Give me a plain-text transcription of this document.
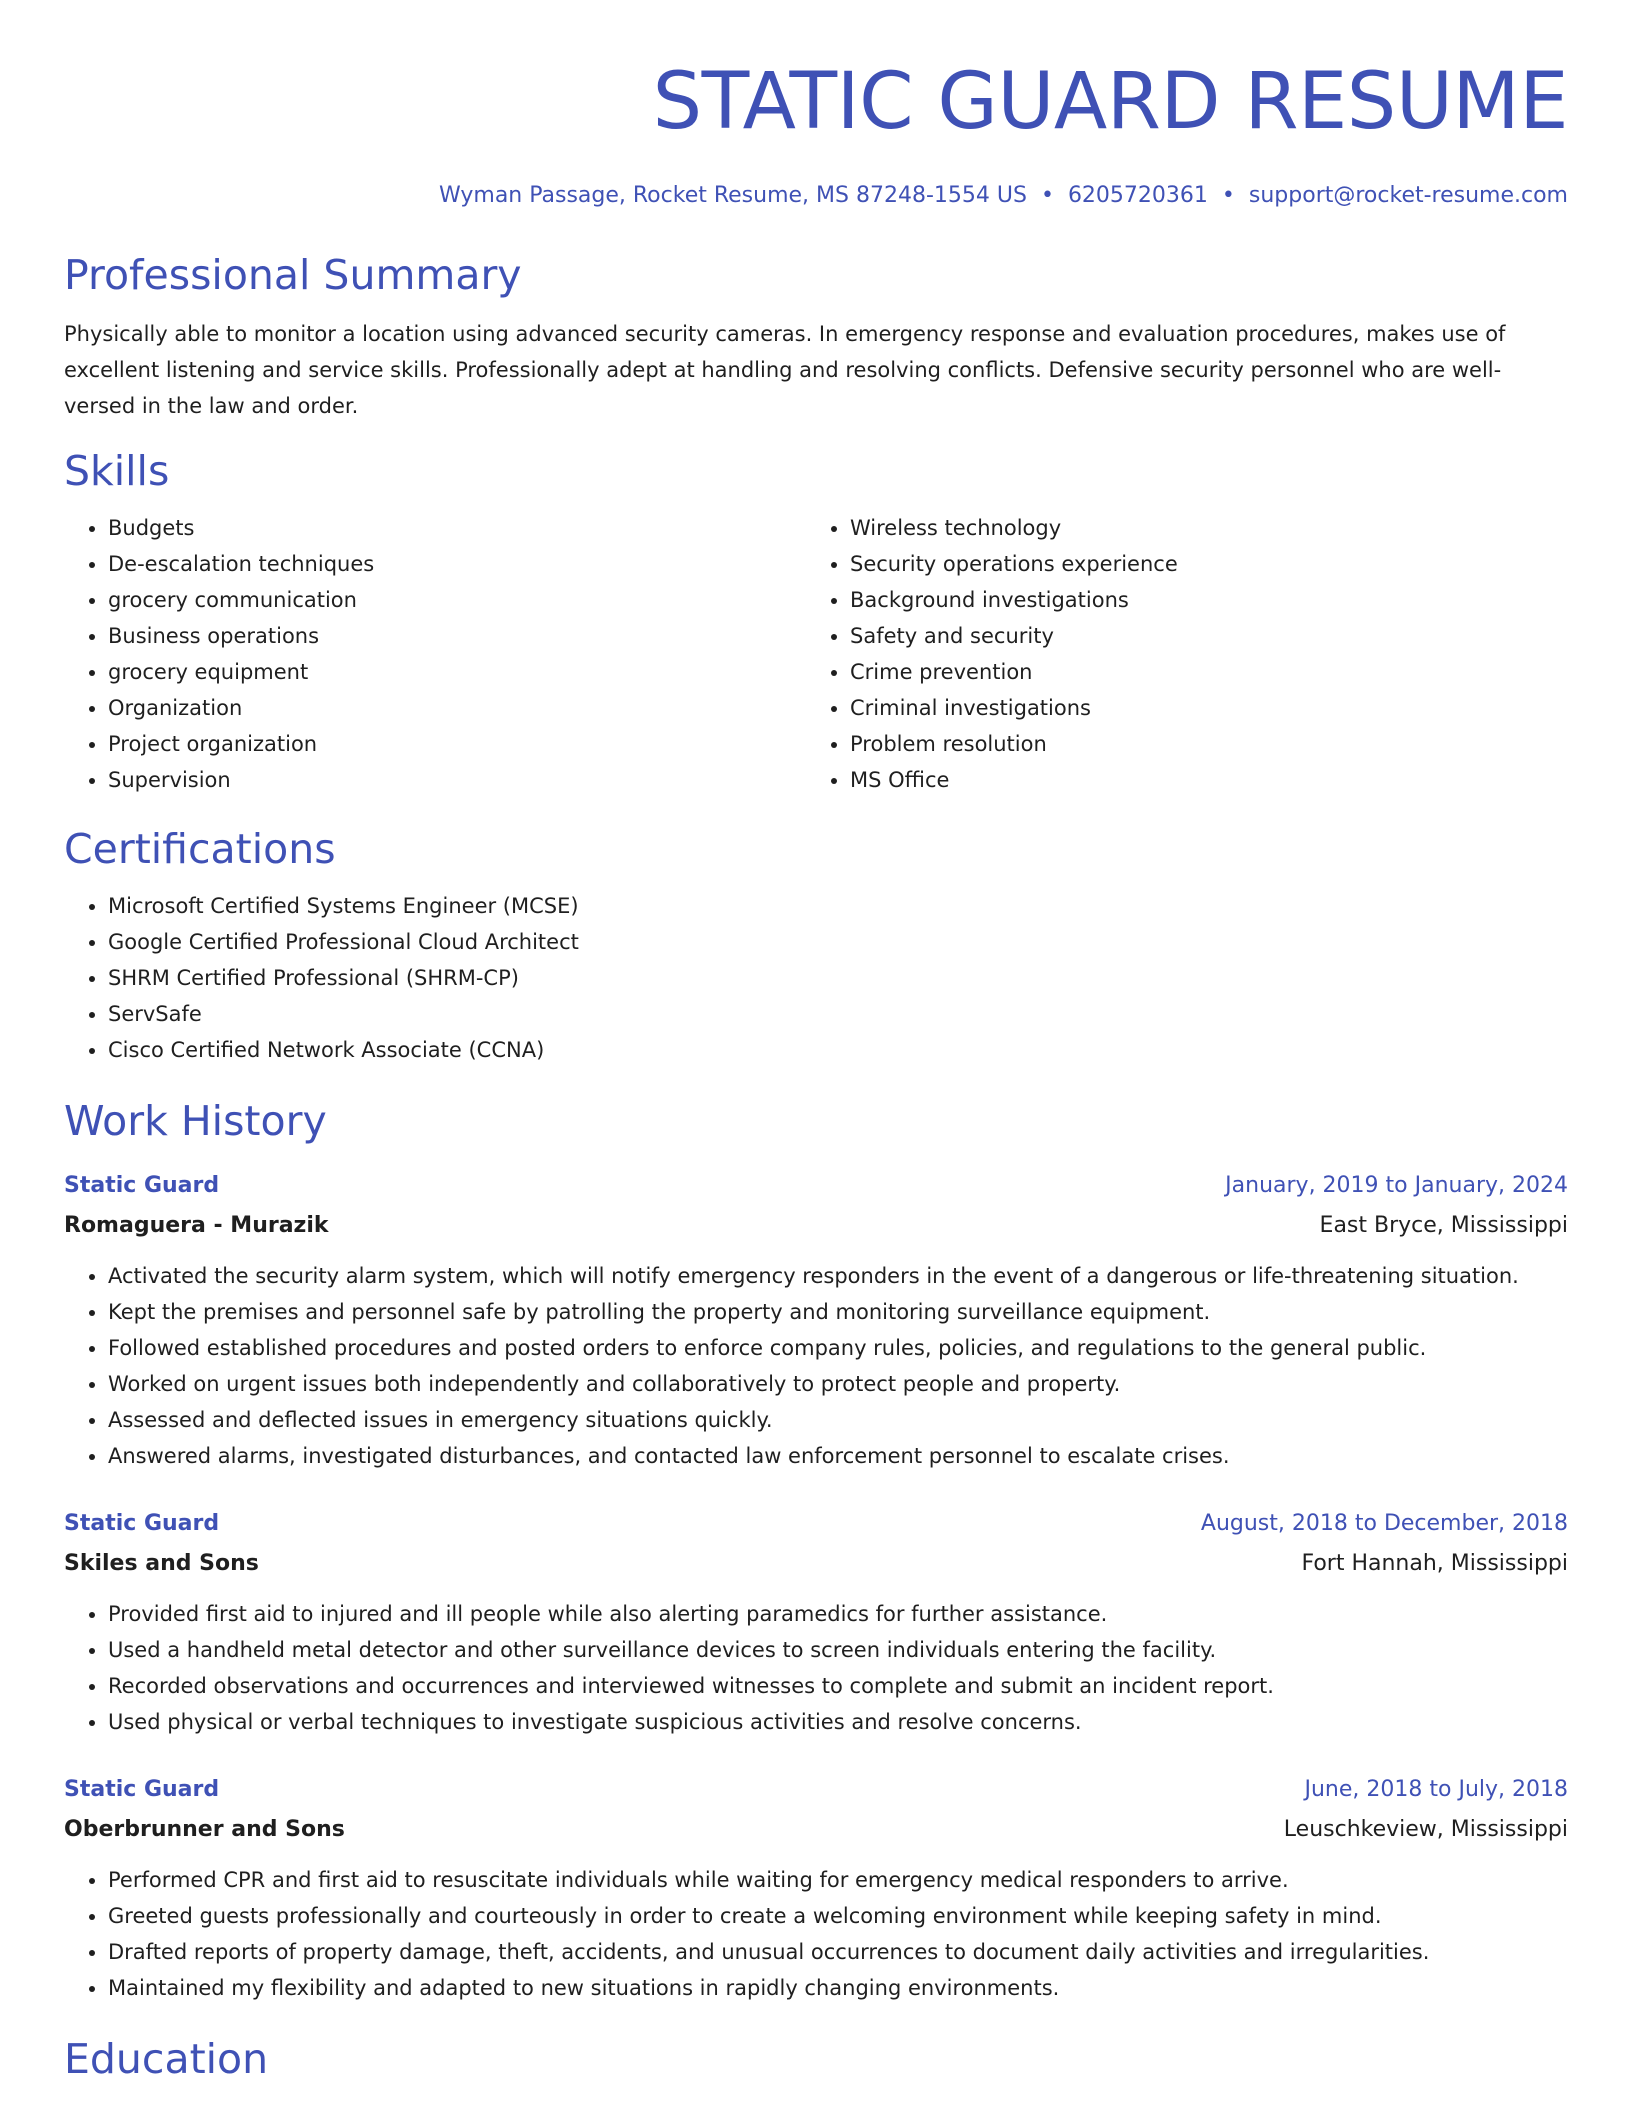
STATIC GUARD RESUME
Wyman Passage, Rocket Resume, MS 87248-1554 US • 6205720361 • support@rocket-resume.com
Professional Summary

Physically able to monitor a location using advanced security cameras. In emergency response and evaluation procedures, makes use of excellent listening and service skills. Professionally adept at handling and resolving conflicts. Defensive security personnel who are well-versed in the law and order.

Skills
• Budgets
• De-escalation techniques
• grocery communication
• Business operations
• grocery equipment
• Organization
• Project organization
• Supervision
• Wireless technology
• Security operations experience
• Background investigations
• Safety and security
• Crime prevention
• Criminal investigations
• Problem resolution
• MS Office
Certifications
• Microsoft Certified Systems Engineer (MCSE)
• Google Certified Professional Cloud Architect
• SHRM Certified Professional (SHRM-CP)
• ServSafe
• Cisco Certified Network Associate (CCNA)
Work History
Static Guard	January, 2019 to January, 2024
Romaguera - Murazik	East Bryce, Mississippi
• Activated the security alarm system, which will notify emergency responders in the event of a dangerous or life-threatening situation.
• Kept the premises and personnel safe by patrolling the property and monitoring surveillance equipment.
• Followed established procedures and posted orders to enforce company rules, policies, and regulations to the general public.
• Worked on urgent issues both independently and collaboratively to protect people and property.
• Assessed and deflected issues in emergency situations quickly.
• Answered alarms, investigated disturbances, and contacted law enforcement personnel to escalate crises.
Static Guard	August, 2018 to December, 2018
Skiles and Sons	Fort Hannah, Mississippi
• Provided first aid to injured and ill people while also alerting paramedics for further assistance.
• Used a handheld metal detector and other surveillance devices to screen individuals entering the facility.
• Recorded observations and occurrences and interviewed witnesses to complete and submit an incident report.
• Used physical or verbal techniques to investigate suspicious activities and resolve concerns.
Static Guard	June, 2018 to July, 2018
Oberbrunner and Sons	Leuschkeview, Mississippi
• Performed CPR and first aid to resuscitate individuals while waiting for emergency medical responders to arrive.
• Greeted guests professionally and courteously in order to create a welcoming environment while keeping safety in mind.
• Drafted reports of property damage, theft, accidents, and unusual occurrences to document daily activities and irregularities.
• Maintained my flexibility and adapted to new situations in rapidly changing environments.
Education
